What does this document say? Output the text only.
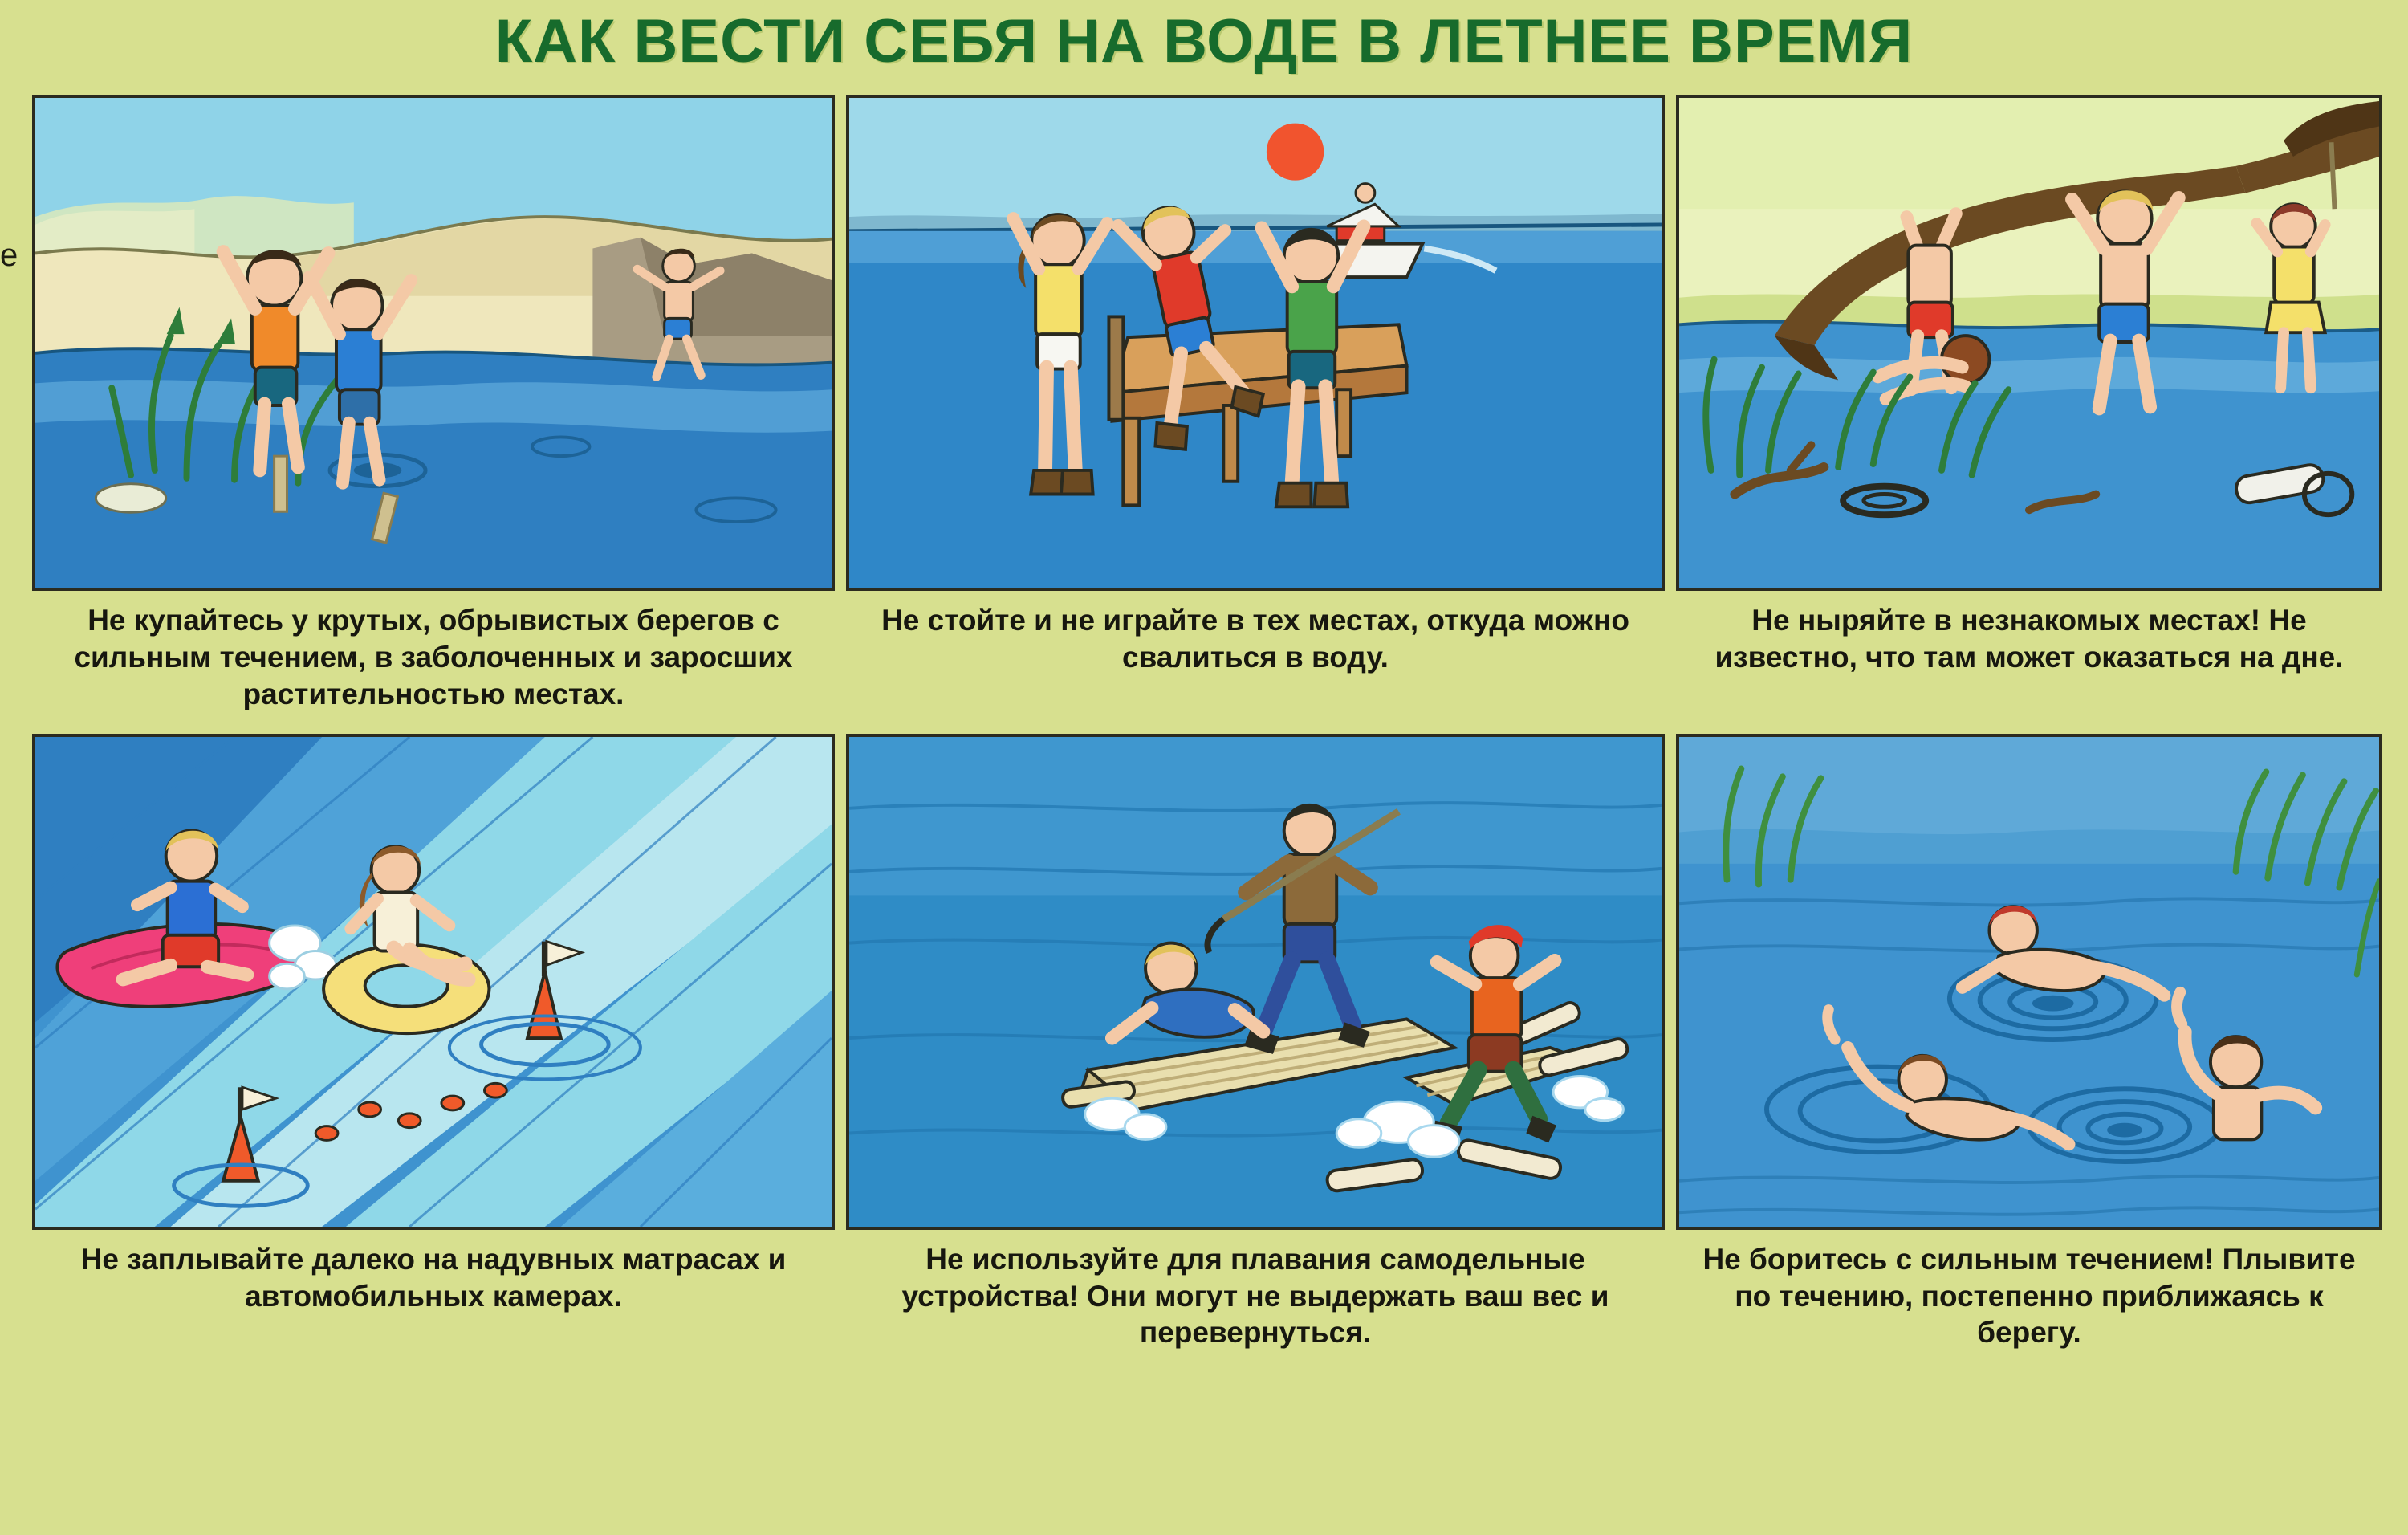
КАК ВЕСТИ СЕБЯ НА ВОДЕ В ЛЕТНЕЕ ВРЕМЯ
е
Не купайтесь у крутых, обрывистых берегов с сильным течением, в заболоченных и заросших растительностью местах.
Не стойте и не играйте в тех местах, откуда можно свалиться в воду.
Не ныряйте в незнакомых местах! Не известно, что там может оказаться на дне.
Не заплывайте далеко на надувных матрасах и автомобильных камерах.
Не используйте для плавания самодельные устройства! Они могут не выдержать ваш вес и перевернуться.
Не боритесь с сильным течением! Плывите по течению, постепенно приближаясь к берегу.
